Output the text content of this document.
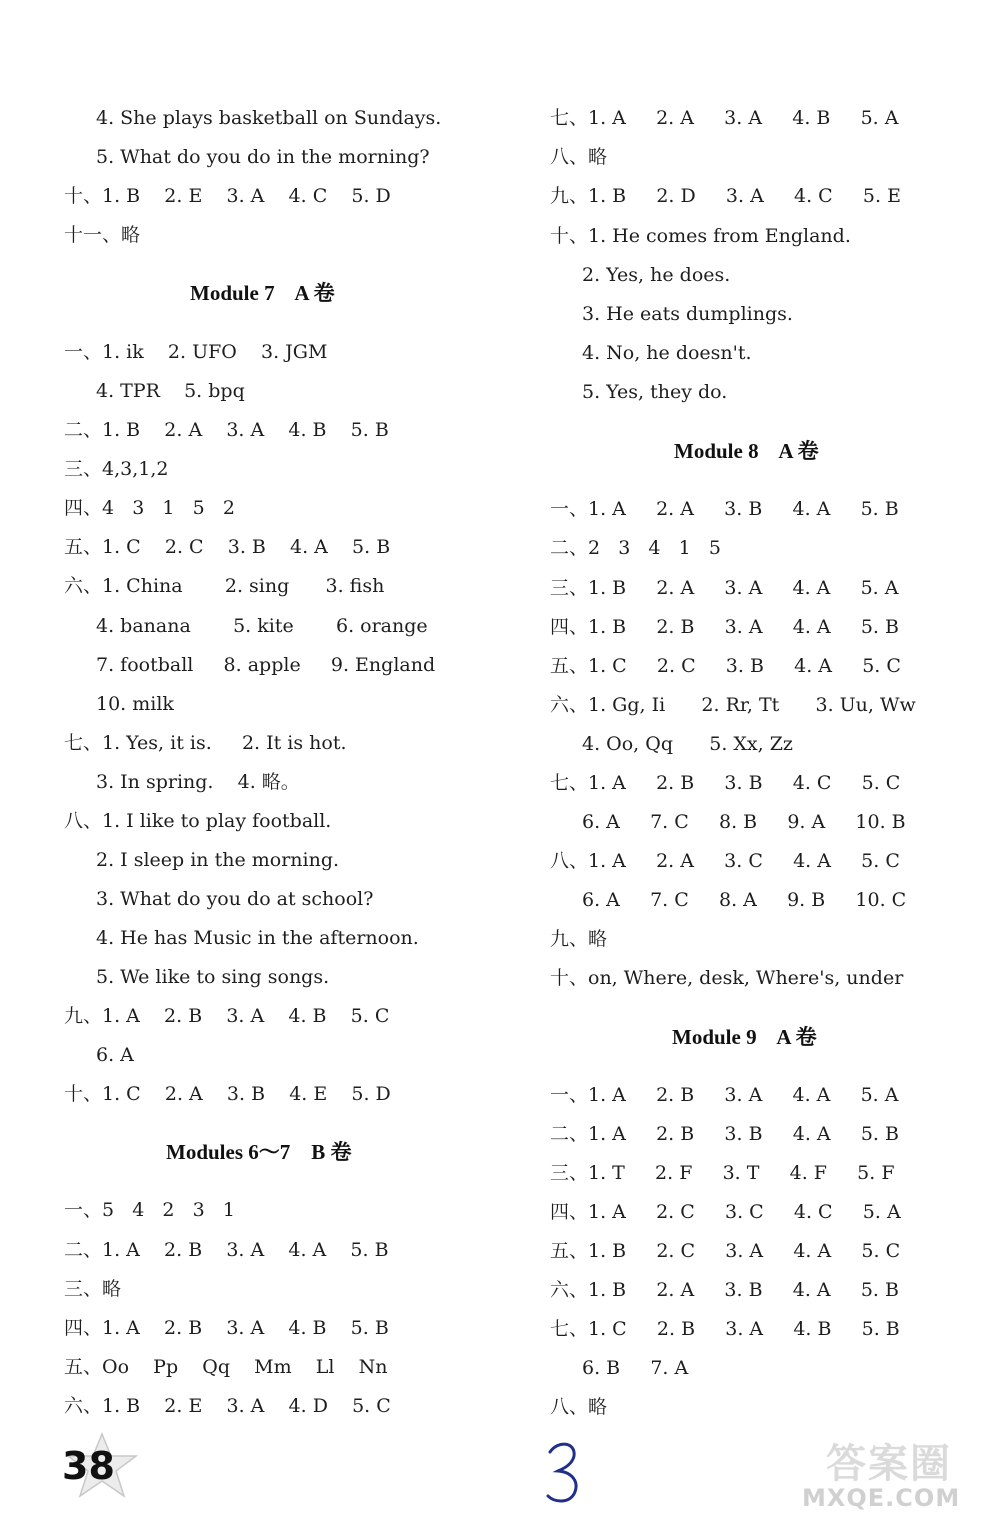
4. She plays basketball on Sundays.
5. What do you do in the morning?
十、1. B    2. E    3. A    4. C    5. D
十一、略
Module 7    A 卷
一、1. ik    2. UFO    3. JGM
4. TPR    5. bpq
二、1. B    2. A    3. A    4. B    5. B
三、4,3,1,2
四、4   3   1   5   2
五、1. C    2. C    3. B    4. A    5. B
六、1. China       2. sing      3. fish
4. banana       5. kite       6. orange
7. football     8. apple     9. England
10. milk
七、1. Yes, it is.     2. It is hot.
3. In spring.    4. 略。
八、1. I like to play football.
2. I sleep in the morning.
3. What do you do at school?
4. He has Music in the afternoon.
5. We like to sing songs.
九、1. A    2. B    3. A    4. B    5. C
6. A
十、1. C    2. A    3. B    4. E    5. D
Modules 6～7    B 卷
一、5   4   2   3   1
二、1. A    2. B    3. A    4. A    5. B
三、略
四、1. A    2. B    3. A    4. B    5. B
五、Oo    Pp    Qq    Mm    Ll    Nn
六、1. B    2. E    3. A    4. D    5. C
七、1. A     2. A     3. A     4. B     5. A
八、略
九、1. B     2. D     3. A     4. C     5. E
十、1. He comes from England.
2. Yes, he does.
3. He eats dumplings.
4. No, he doesn't.
5. Yes, they do.
Module 8    A 卷
一、1. A     2. A     3. B     4. A     5. B
二、2   3   4   1   5
三、1. B     2. A     3. A     4. A     5. A
四、1. B     2. B     3. A     4. A     5. B
五、1. C     2. C     3. B     4. A     5. C
六、1. Gg, Ii      2. Rr, Tt      3. Uu, Ww
4. Oo, Qq      5. Xx, Zz
七、1. A     2. B     3. B     4. C     5. C
6. A     7. C     8. B     9. A     10. B
八、1. A     2. A     3. C     4. A     5. C
6. A     7. C     8. A     9. B     10. C
九、略
十、on, Where, desk, Where's, under
Module 9    A 卷
一、1. A     2. B     3. A     4. A     5. A
二、1. A     2. B     3. B     4. A     5. B
三、1. T     2. F     3. T     4. F     5. F
四、1. A     2. C     3. C     4. C     5. A
五、1. B     2. C     3. A     4. A     5. C
六、1. B     2. A     3. B     4. A     5. B
七、1. C     2. B     3. A     4. B     5. B
6. B     7. A
八、略
38	答案圈
MXQE.COM
